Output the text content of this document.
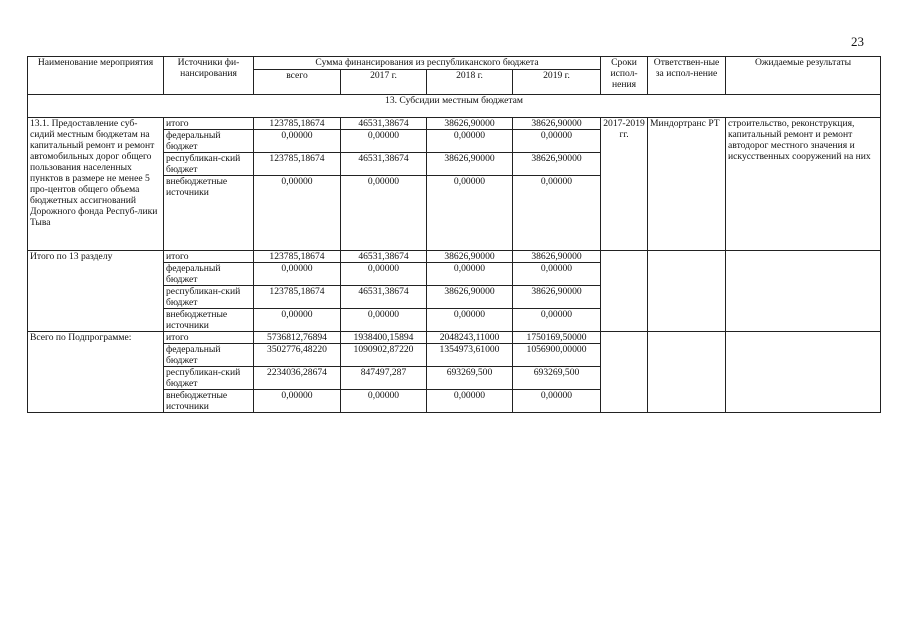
23
Наименование мероприятия	Источники фи-нансирования	Сумма финансирования из республиканского бюджета				Сроки испол-нения	Ответствен-ные за испол-нение	Ожидаемые результаты
		всего	2017 г.	2018 г.	2019 г.			
13. Субсидии местным бюджетам								
13.1. Предоставление суб-сидий местным бюджетам на капитальный ремонт и ремонт автомобильных дорог общего пользования населенных пунктов в размере не менее 5 про-центов общего объема бюджетных ассигнований Дорожного фонда Респуб-лики Тыва	итого	123785,18674	46531,38674	38626,90000	38626,90000	2017-2019 гг.	Миндортранс РТ	строительство, реконструкция, капитальный ремонт и ремонт автодорог местного значения и искусственных сооружений на них
	федеральный бюджет	0,00000	0,00000	0,00000	0,00000			
	республикан-ский бюджет	123785,18674	46531,38674	38626,90000	38626,90000			
	внебюджетные источники	0,00000	0,00000	0,00000	0,00000			
Итого по 13 разделу	итого	123785,18674	46531,38674	38626,90000	38626,90000			
	федеральный бюджет	0,00000	0,00000	0,00000	0,00000			
	республикан-ский бюджет	123785,18674	46531,38674	38626,90000	38626,90000			
	внебюджетные источники	0,00000	0,00000	0,00000	0,00000			
Всего по Подпрограмме:	итого	5736812,76894	1938400,15894	2048243,11000	1750169,50000			
	федеральный бюджет	3502776,48220	1090902,87220	1354973,61000	1056900,00000			
	республикан-ский бюджет	2234036,28674	847497,287	693269,500	693269,500			
	внебюджетные источники	0,00000	0,00000	0,00000	0,00000			
